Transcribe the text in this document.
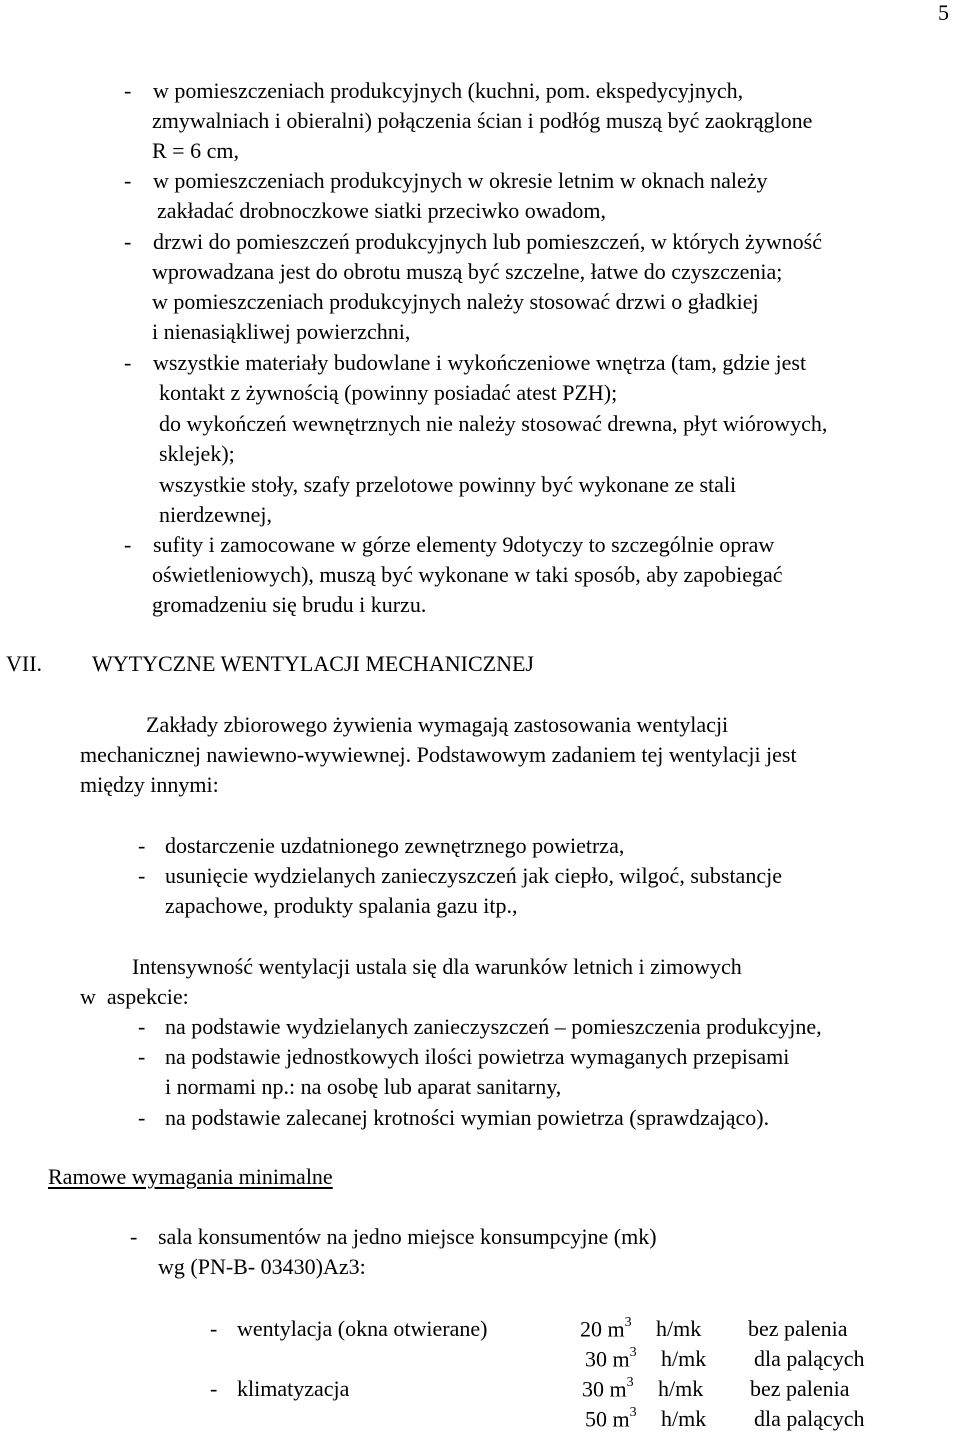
5
- w pomieszczeniach produkcyjnych (kuchni, pom. ekspedycyjnych,
zmywalniach i obieralni) połączenia ścian i podłóg muszą być zaokrąglone
R = 6 cm,
- w pomieszczeniach produkcyjnych w okresie letnim w oknach należy
zakładać drobnoczkowe siatki przeciwko owadom,
- drzwi do pomieszczeń produkcyjnych lub pomieszczeń, w których żywność
wprowadzana jest do obrotu muszą być szczelne, łatwe do czyszczenia;
w pomieszczeniach produkcyjnych należy stosować drzwi o gładkiej
i nienasiąkliwej powierzchni,
- wszystkie materiały budowlane i wykończeniowe wnętrza (tam, gdzie jest
kontakt z żywnością (powinny posiadać atest PZH);
do wykończeń wewnętrznych nie należy stosować drewna, płyt wiórowych,
sklejek);
wszystkie stoły, szafy przelotowe powinny być wykonane ze stali
nierdzewnej,
- sufity i zamocowane w górze elementy 9dotyczy to szczególnie opraw
oświetleniowych), muszą być wykonane w taki sposób, aby zapobiegać
gromadzeniu się brudu i kurzu.
VII. WYTYCZNE WENTYLACJI MECHANICZNEJ
Zakłady zbiorowego żywienia wymagają zastosowania wentylacji
mechanicznej nawiewno-wywiewnej. Podstawowym zadaniem tej wentylacji jest
między innymi:
- dostarczenie uzdatnionego zewnętrznego powietrza,
- usunięcie wydzielanych zanieczyszczeń jak ciepło, wilgoć, substancje
zapachowe, produkty spalania gazu itp.,
Intensywność wentylacji ustala się dla warunków letnich i zimowych
w  aspekcie:
- na podstawie wydzielanych zanieczyszczeń – pomieszczenia produkcyjne,
- na podstawie jednostkowych ilości powietrza wymaganych przepisami
i normami np.: na osobę lub aparat sanitarny,
- na podstawie zalecanej krotności wymian powietrza (sprawdzająco).
Ramowe wymagania minimalne
- sala konsumentów na jedno miejsce konsumpcyjne (mk)
wg (PN-B- 03430)Az3:
- wentylacja (okna otwierane)	20 $m^3$ h/mk bez palenia
30 $m^3$ h/mk dla palących
- klimatyzacja	30 $m^3$ h/mk bez palenia
50 $m^3$ h/mk dla palących
